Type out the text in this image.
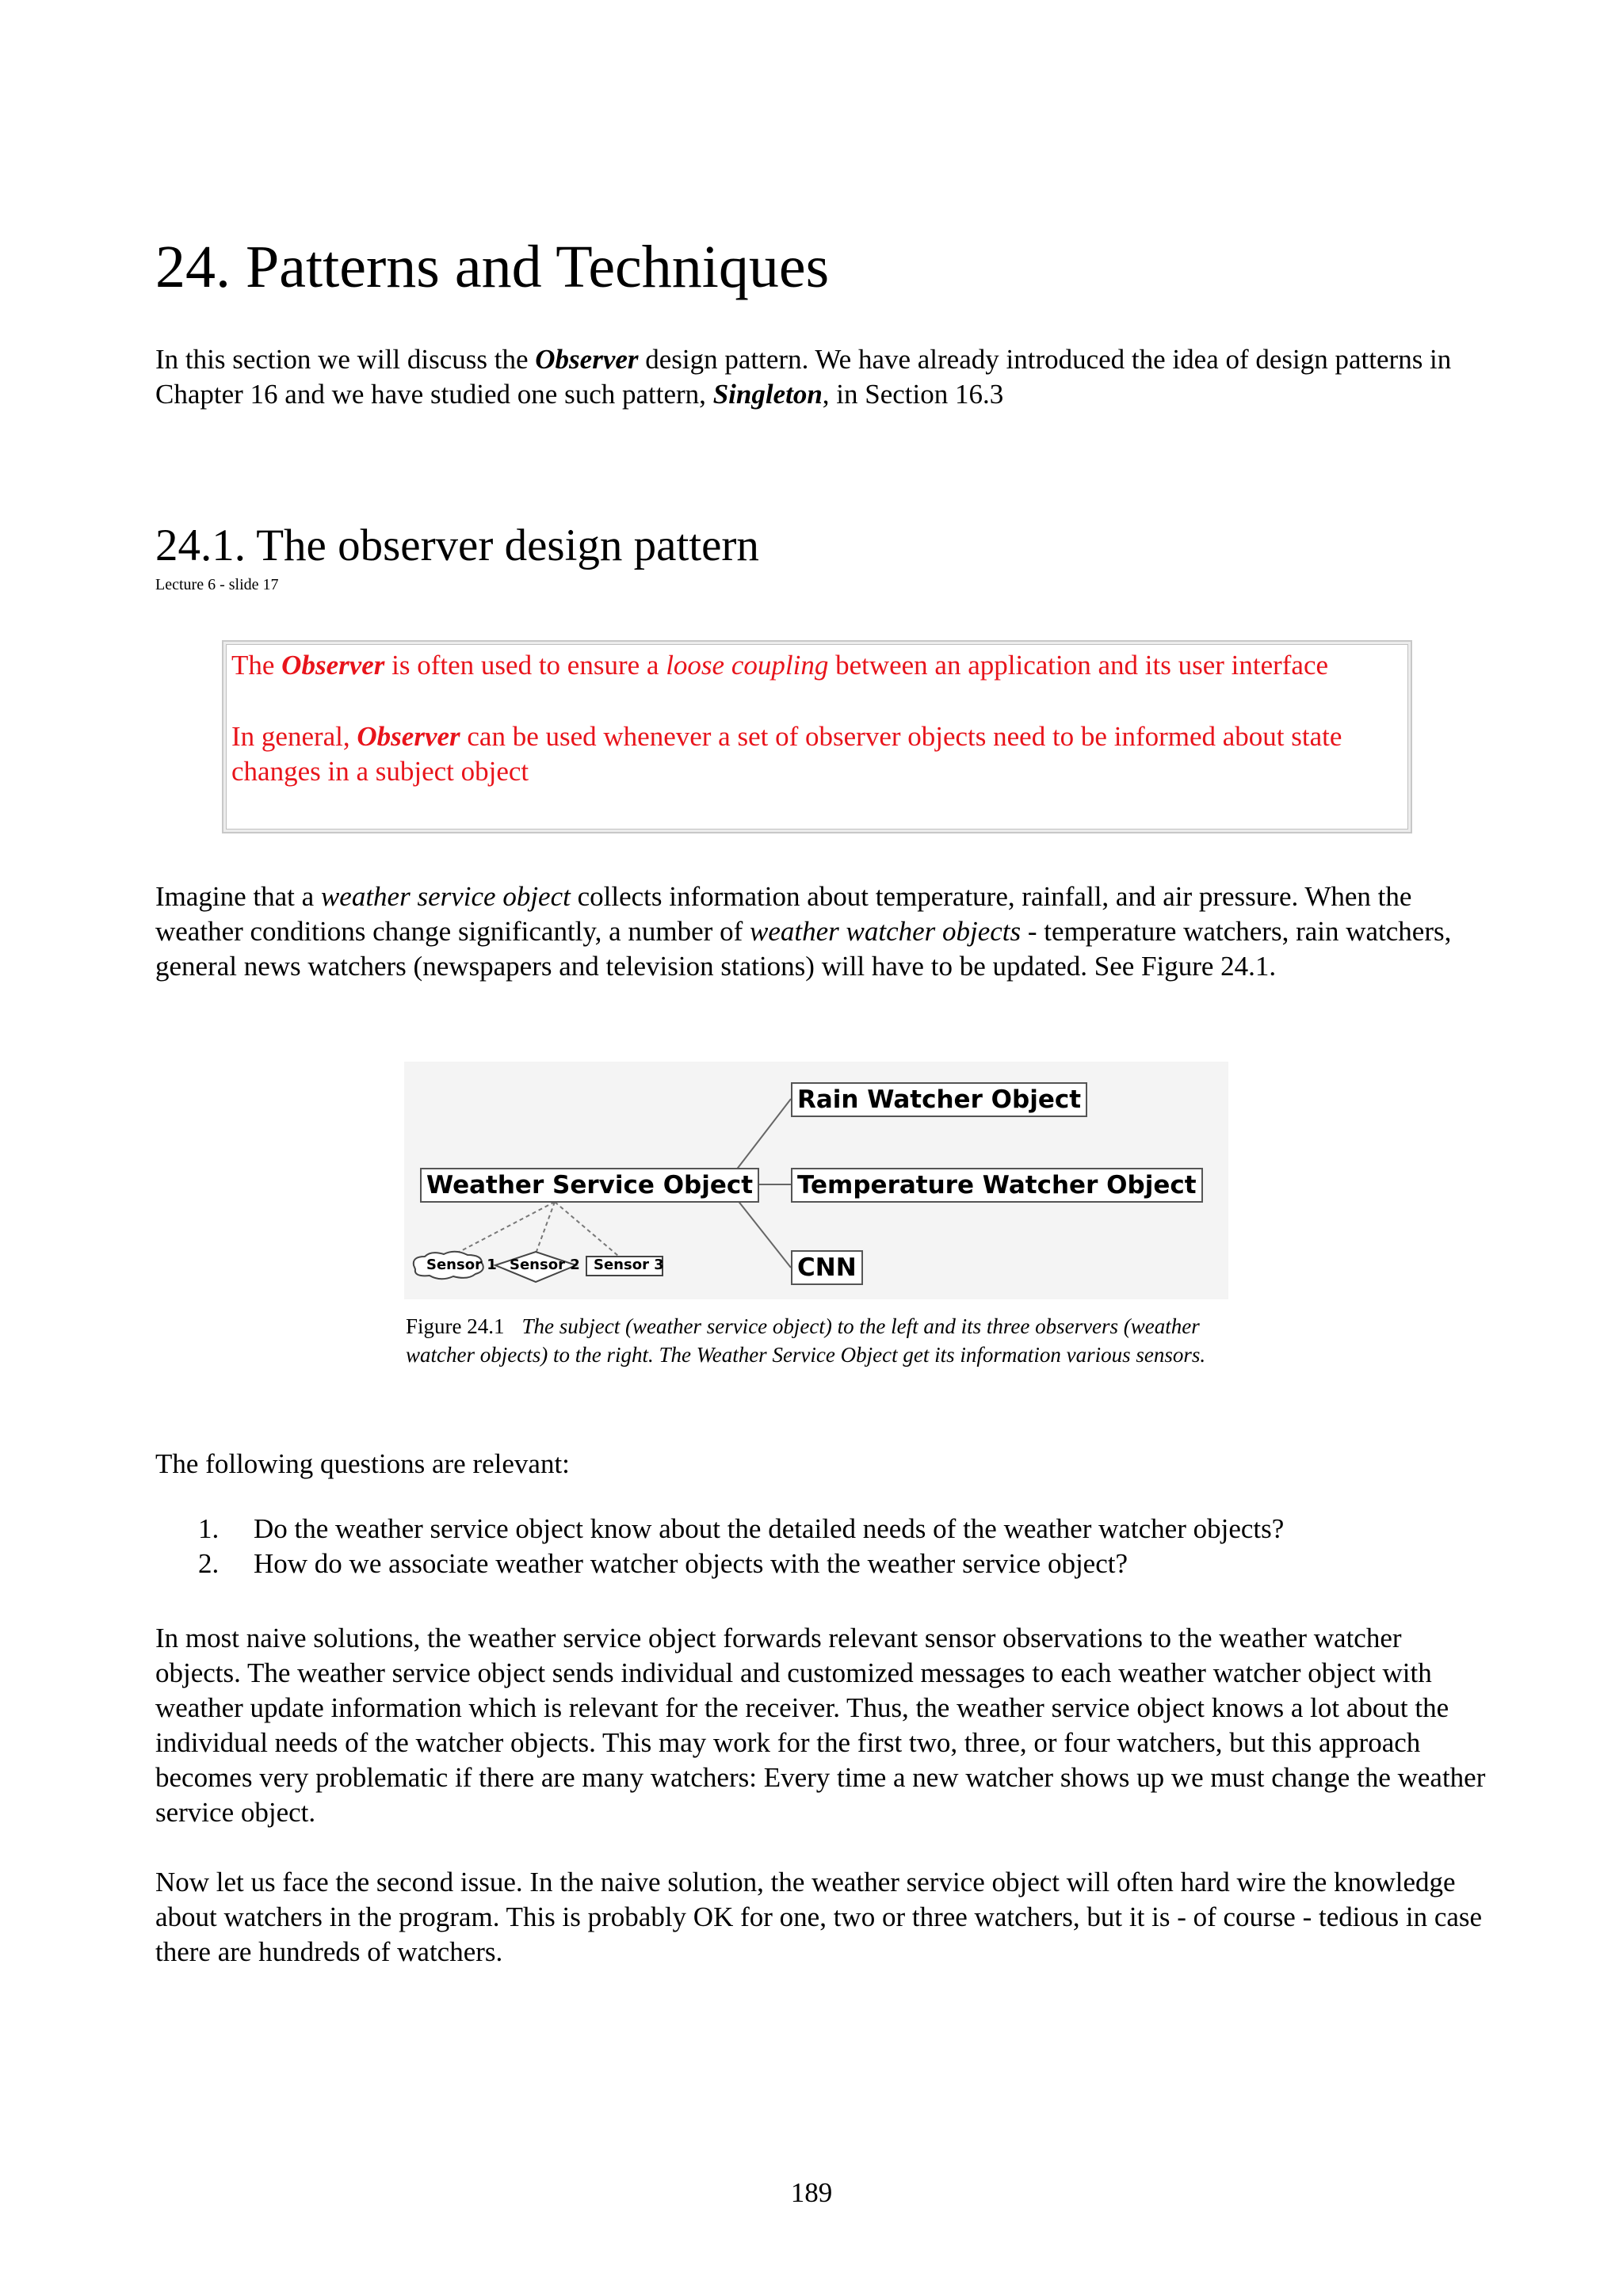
24. Patterns and Techniques
In this section we will discuss the Observer design pattern. We have already introduced the idea of design patterns in Chapter 16 and we have studied one such pattern, Singleton, in Section 16.3
24.1. The observer design pattern
Lecture 6 - slide 17

The Observer is often used to ensure a loose coupling between an application and its user interface

In general, Observer can be used whenever a set of observer objects need to be informed about state changes in a subject object

Imagine that a weather service object collects information about temperature, rainfall, and air pressure. When the weather conditions change significantly, a number of weather watcher objects - temperature watchers, rain watchers, general news watchers (newspapers and television stations) will have to be updated. See Figure 24.1.
Weather Service Object
Rain Watcher Object
Temperature Watcher Object
CNN
Sensor 1 Sensor 2 Sensor 3
Figure 24.1 The subject (weather service object) to the left and its three observers (weather watcher objects) to the right. The Weather Service Object get its information various sensors.
The following questions are relevant:
1.	Do the weather service object know about the detailed needs of the weather watcher objects?
2.	How do we associate weather watcher objects with the weather service object?
In most naive solutions, the weather service object forwards relevant sensor observations to the weather watcher objects. The weather service object sends individual and customized messages to each weather watcher object with weather update information which is relevant for the receiver. Thus, the weather service object knows a lot about the individual needs of the watcher objects. This may work for the first two, three, or four watchers, but this approach becomes very problematic if there are many watchers: Every time a new watcher shows up we must change the weather service object.
Now let us face the second issue. In the naive solution, the weather service object will often hard wire the knowledge about watchers in the program. This is probably OK for one, two or three watchers, but it is - of course - tedious in case there are hundreds of watchers.
189
